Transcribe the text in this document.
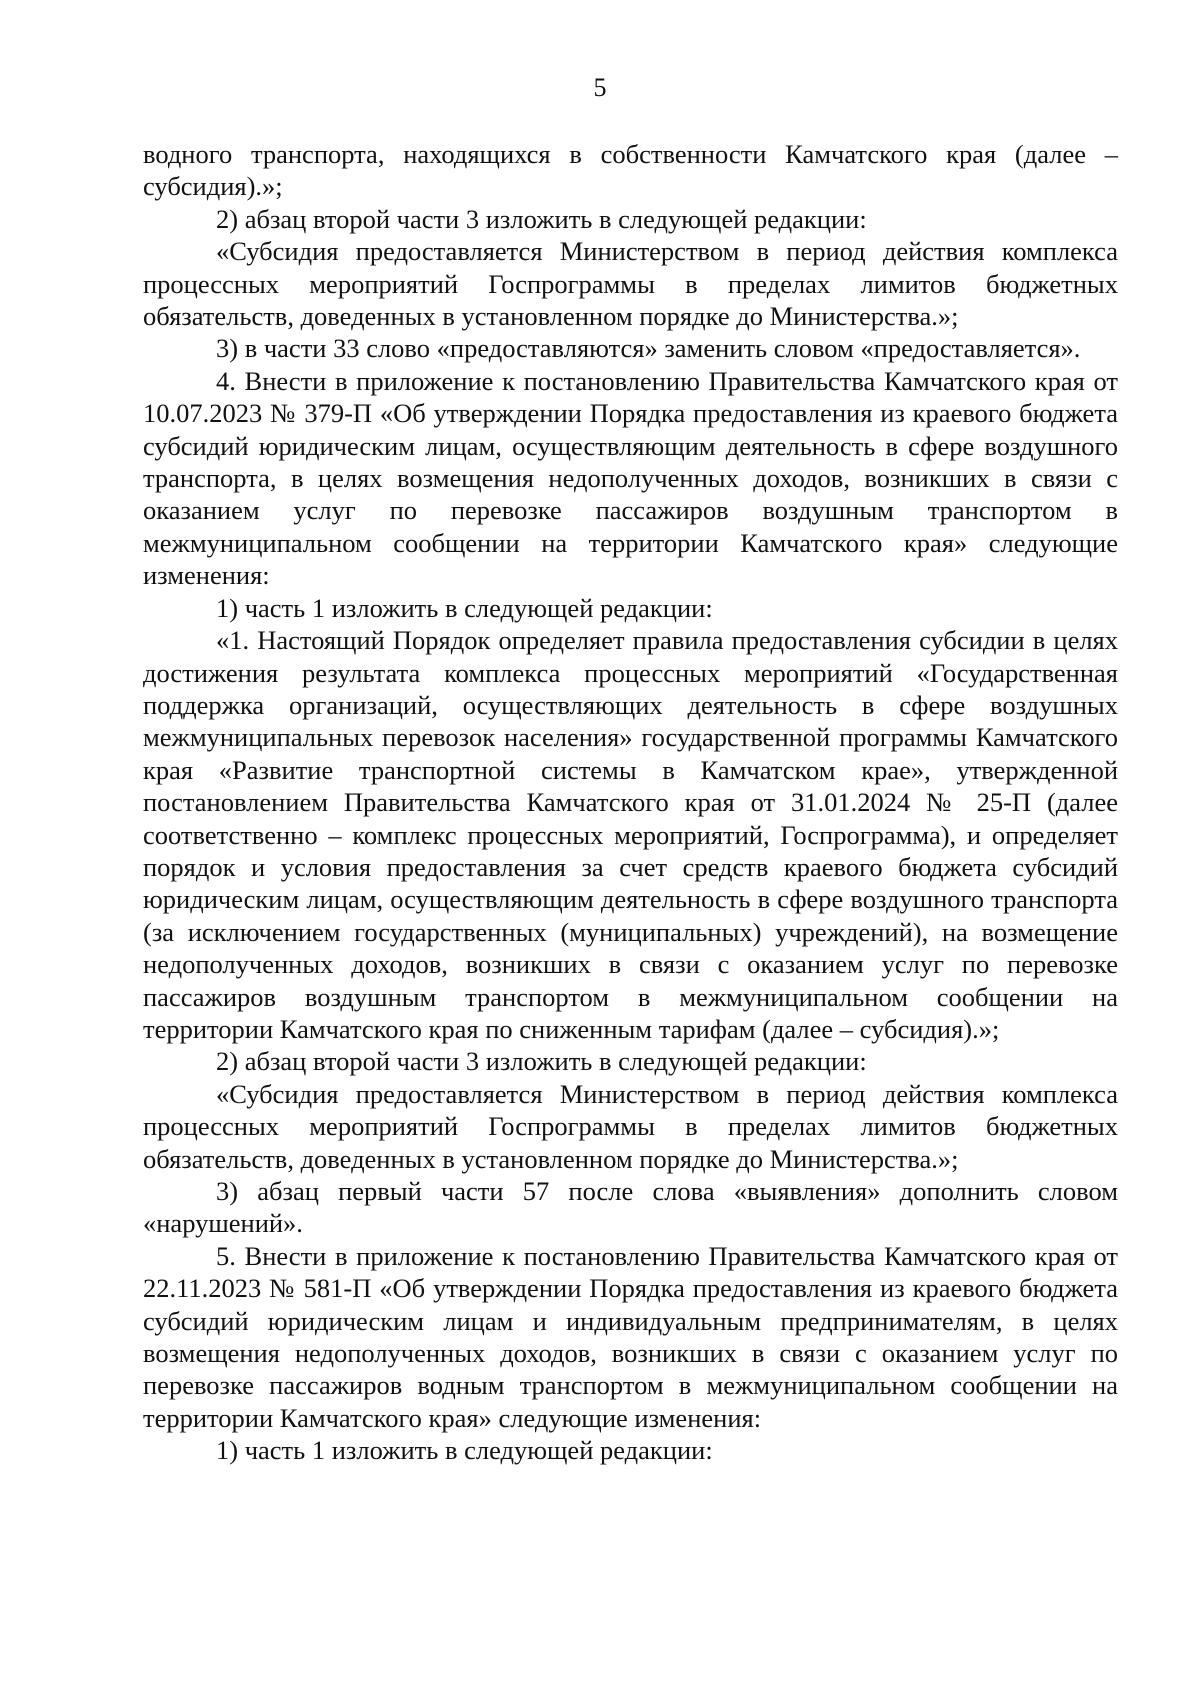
5

водного транспорта, находящихся в собственности Камчатского края (далее – субсидия).»;

2) абзац второй части 3 изложить в следующей редакции:

«Субсидия предоставляется Министерством в период действия комплекса процессных мероприятий Госпрограммы в пределах лимитов бюджетных обязательств, доведенных в установленном порядке до Министерства.»;

3) в части 33 слово «предоставляются» заменить словом «предоставляется».

4. Внести в приложение к постановлению Правительства Камчатского края от 10.07.2023 № 379-П «Об утверждении Порядка предоставления из краевого бюджета субсидий юридическим лицам, осуществляющим деятельность в сфере воздушного транспорта, в целях возмещения недополученных доходов, возникших в связи с оказанием услуг по перевозке пассажиров воздушным транспортом в межмуниципальном сообщении на территории Камчатского края» следующие изменения:

1) часть 1 изложить в следующей редакции:

«1. Настоящий Порядок определяет правила предоставления субсидии в целях достижения результата комплекса процессных мероприятий «Государственная поддержка организаций, осуществляющих деятельность в сфере воздушных межмуниципальных перевозок населения» государственной программы Камчатского края «Развитие транспортной системы в Камчатском крае», утвержденной постановлением Правительства Камчатского края от 31.01.2024 № 25-П (далее соответственно – комплекс процессных мероприятий, Госпрограмма), и определяет порядок и условия предоставления за счет средств краевого бюджета субсидий юридическим лицам, осуществляющим деятельность в сфере воздушного транспорта (за исключением государственных (муниципальных) учреждений), на возмещение недополученных доходов, возникших в связи с оказанием услуг по перевозке пассажиров воздушным транспортом в межмуниципальном сообщении на территории Камчатского края по сниженным тарифам (далее – субсидия).»;

2) абзац второй части 3 изложить в следующей редакции:

«Субсидия предоставляется Министерством в период действия комплекса процессных мероприятий Госпрограммы в пределах лимитов бюджетных обязательств, доведенных в установленном порядке до Министерства.»;

3) абзац первый части 57 после слова «выявления» дополнить словом «нарушений».

5. Внести в приложение к постановлению Правительства Камчатского края от 22.11.2023 № 581-П «Об утверждении Порядка предоставления из краевого бюджета субсидий юридическим лицам и индивидуальным предпринимателям, в целях возмещения недополученных доходов, возникших в связи с оказанием услуг по перевозке пассажиров водным транспортом в межмуниципальном сообщении на территории Камчатского края» следующие изменения:

1) часть 1 изложить в следующей редакции:
